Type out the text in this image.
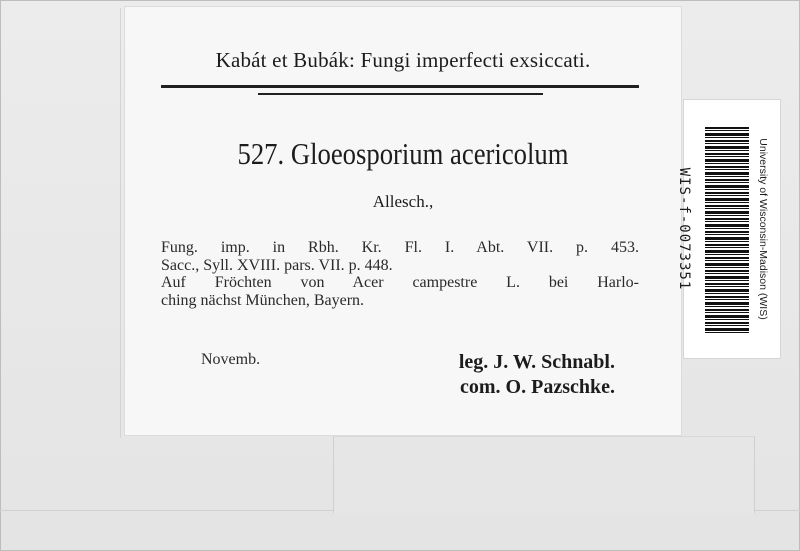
Kabát et Bubák: Fungi imperfecti exsiccati.
527. Gloeosporium acericolum
Allesch.,
Fung. imp. in Rbh. Kr. Fl. I. Abt. VII. p. 453.
Sacc., Syll. XVIII. pars. VII. p. 448.
Auf Fröchten von Acer campestre L. bei Harlo-
ching nächst München, Bayern.
Novemb.	leg. J. W. Schnabl.
com. O. Pazschke.
WIS-f-0073351	University of Wisconsin-Madison (WIS)
